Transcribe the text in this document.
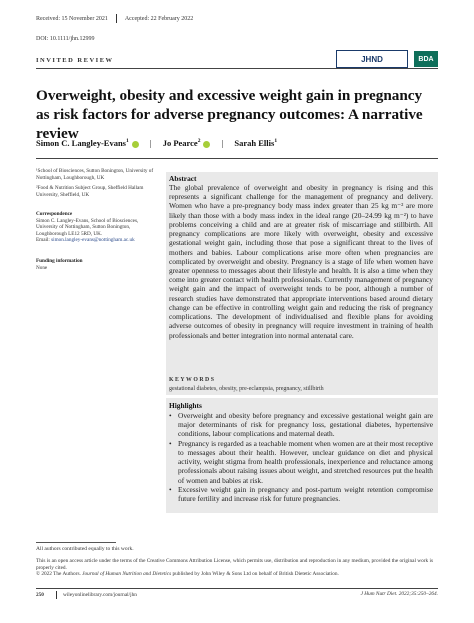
Received: 15 November 2021	Accepted: 22 February 2022
DOI: 10.1111/jhn.12999
INVITED REVIEW	JHND	BDA
Overweight, obesity and excessive weight gain in pregnancy as risk factors for adverse pregnancy outcomes: A narrative review
Simon C. Langley-Evans$^1$ | Jo Pearce$^2$ | Sarah Ellis$^1$
¹School of Biosciences, Sutton Bonington, University of Nottingham, Loughborough, UK
²Food & Nutrition Subject Group, Sheffield Hallam University, Sheffield, UK
Correspondence
Simon C. Langley-Evans, School of Biosciences, University of Nottingham, Sutton Bonington, Loughborough LE12 5RD, UK.
Email: simon.langley-evans@nottingham.ac.uk
Funding information
None
Abstract
The global prevalence of overweight and obesity in pregnancy is rising and this represents a significant challenge for the management of pregnancy and delivery. Women who have a pre-pregnancy body mass index greater than 25 kg m⁻² are more likely than those with a body mass index in the ideal range (20–24.99 kg m⁻²) to have problems conceiving a child and are at greater risk of miscarriage and stillbirth. All pregnancy complications are more likely with overweight, obesity and excessive gestational weight gain, including those that pose a significant threat to the lives of mothers and babies. Labour complications arise more often when pregnancies are complicated by overweight and obesity. Pregnancy is a stage of life when women have greater openness to messages about their lifestyle and health. It is also a time when they come into greater contact with health professionals. Currently management of pregnancy weight gain and the impact of overweight tends to be poor, although a number of research studies have demonstrated that appropriate interventions based around dietary change can be effective in controlling weight gain and reducing the risk of pregnancy complications. The development of individualised and flexible plans for avoiding adverse outcomes of obesity in pregnancy will require investment in training of health professionals and better integration into normal antenatal care.
KEYWORDS
gestational diabetes, obesity, pre-eclampsia, pregnancy, stillbirth
Highlights
• Overweight and obesity before pregnancy and excessive gestational weight gain are major determinants of risk for pregnancy loss, gestational diabetes, hypertensive conditions, labour complications and maternal death.
• Pregnancy is regarded as a teachable moment when women are at their most receptive to messages about their health. However, unclear guidance on diet and physical activity, weight stigma from health professionals, inexperience and reluctance among professionals about raising issues about weight, and stretched resources put the health of women and babies at risk.
• Excessive weight gain in pregnancy and post-partum weight retention compromise future fertility and increase risk for future pregnancies.
All authors contributed equally to this work.
This is an open access article under the terms of the Creative Commons Attribution License, which permits use, distribution and reproduction in any medium, provided the original work is properly cited.
© 2022 The Authors. Journal of Human Nutrition and Dietetics published by John Wiley & Sons Ltd on behalf of British Dietetic Association.
250	wileyonlinelibrary.com/journal/jhn	J Hum Nutr Diet. 2022;35:250–264.
